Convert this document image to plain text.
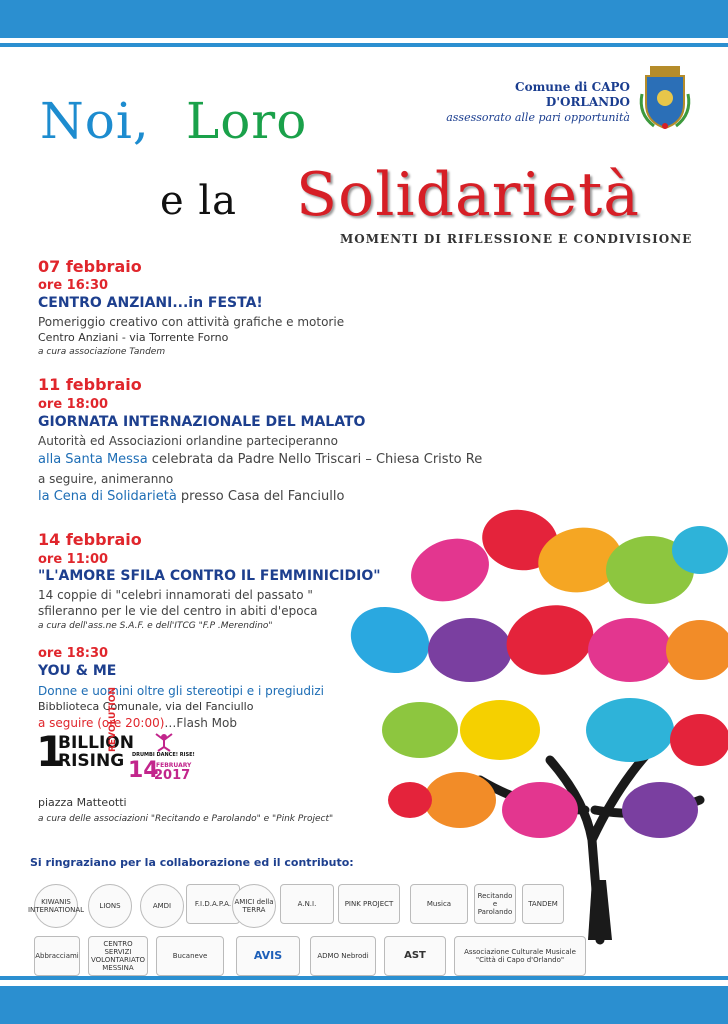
Comune di CAPO D'ORLANDO
assessorato alle pari opportunità
Noi, Loro
e la Solidarietà
MOMENTI DI RIFLESSIONE E CONDIVISIONE
07 febbraio
ore 16:30
CENTRO ANZIANI...in FESTA!
Pomeriggio creativo con attività grafiche e motorie
Centro Anziani - via Torrente Forno
a cura associazione Tandem
11 febbraio
ore 18:00
GIORNATA INTERNAZIONALE DEL MALATO
Autorità ed Associazioni orlandine parteciperanno
alla Santa Messa celebrata da Padre Nello Triscari – Chiesa Cristo Re
a seguire, animeranno
la Cena di Solidarietà presso Casa del Fanciullo
14 febbraio
ore 11:00
"L'AMORE SFILA CONTRO IL FEMMINICIDIO"
14 coppie di "celebri innamorati del passato "
sfileranno per le vie del centro in abiti d'epoca
a cura dell'ass.ne S.A.F. e dell'ITCG "F.P .Merendino"
ore 18:30
YOU & ME
Donne e uomini oltre gli stereotipi e i pregiudizi
Bibblioteca Comunale, via del Fanciullo
a seguire (ore 20:00)…Flash Mob
1
BILLION
RISING
REVOLUTION
DRUMBI DANCE! RISE!
14
FEBRUARY
2017
piazza Matteotti
a cura delle associazioni "Recitando e Parolando" e "Pink Project"
Si ringraziano per la collaborazione ed il contributo:
KIWANIS INTERNATIONAL	LIONS	AMDI	F.I.D.A.P.A. AMICI della TERRA
A.N.I.	PINK PROJECT	Musica
Recitando e Parolando
TANDEM
Abbracciami
CENTRO SERVIZI VOLONTARIATO MESSINA
Bucaneve	AVIS	ADMO Nebrodi	AST	Associazione Culturale Musicale "Città di Capo d'Orlando"
